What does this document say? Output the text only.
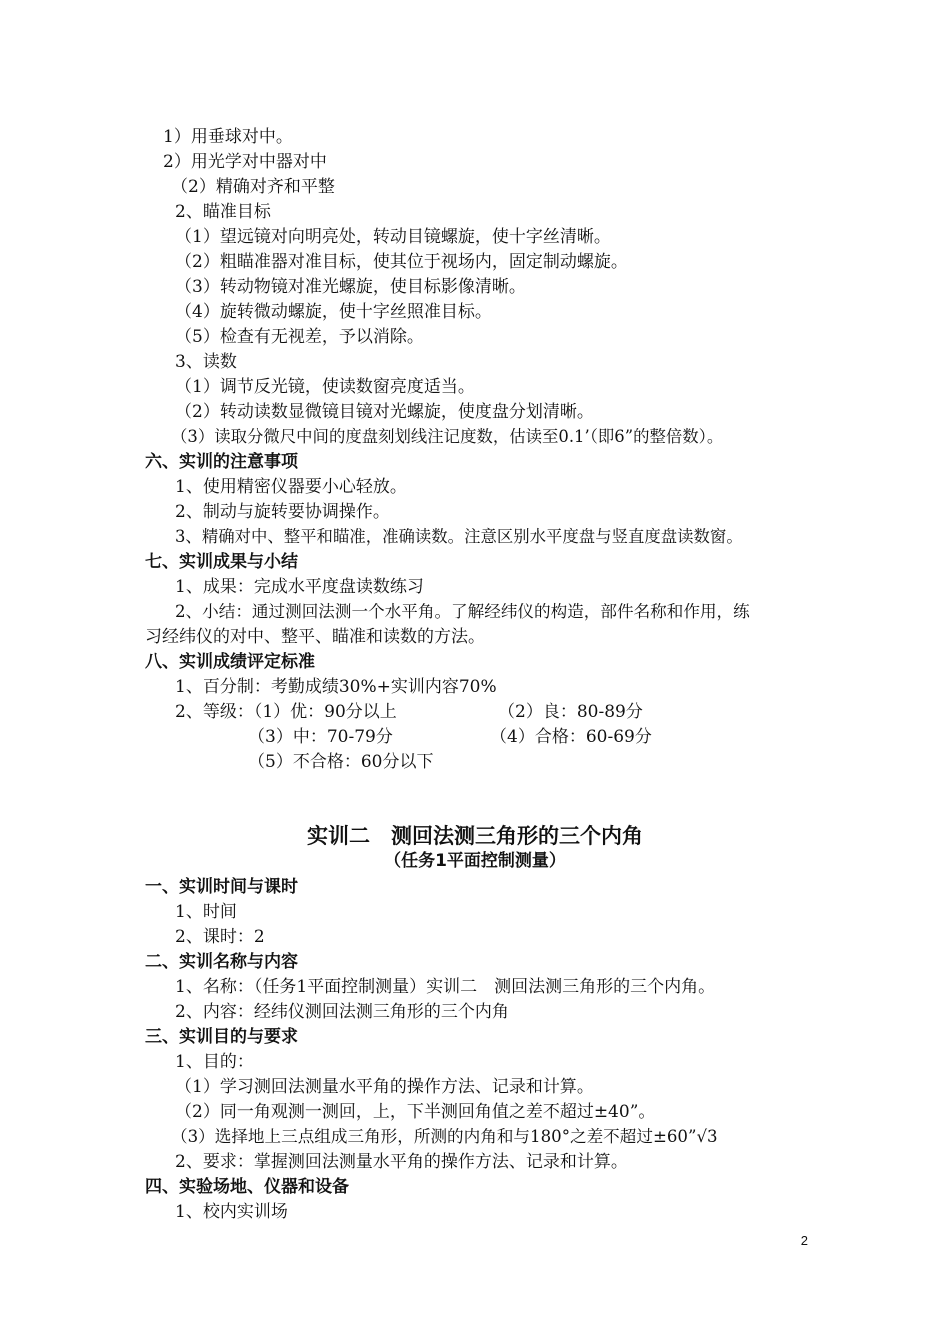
1）用垂球对中。
2）用光学对中器对中
（2）精确对齐和平整
2、瞄准目标
（1）望远镜对向明亮处，转动目镜螺旋，使十字丝清晰。
（2）粗瞄准器对准目标，使其位于视场内，固定制动螺旋。
（3）转动物镜对准光螺旋，使目标影像清晰。
（4）旋转微动螺旋，使十字丝照准目标。
（5）检查有无视差，予以消除。
3、读数
（1）调节反光镜，使读数窗亮度适当。
（2）转动读数显微镜目镜对光螺旋，使度盘分划清晰。
（3）读取分微尺中间的度盘刻划线注记度数，估读至0.1’（即6”的整倍数）。
六、实训的注意事项
1、使用精密仪器要小心轻放。
2、制动与旋转要协调操作。
3、精确对中、整平和瞄准，准确读数。注意区别水平度盘与竖直度盘读数窗。
七、实训成果与小结
1、成果：完成水平度盘读数练习
2、小结：通过测回法测一个水平角。了解经纬仪的构造，部件名称和作用，练
习经纬仪的对中、整平、瞄准和读数的方法。
八、实训成绩评定标准
1、百分制：考勤成绩30%+实训内容70%
2、等级：（1）优：90分以上	（2）良：80-89分
（3）中：70-79分	（4）合格：60-69分
（5）不合格：60分以下
实训二　测回法测三角形的三个内角
（任务1平面控制测量）
一、实训时间与课时
1、时间
2、课时：2
二、实训名称与内容
1、名称：（任务1平面控制测量）实训二　测回法测三角形的三个内角。
2、内容：经纬仪测回法测三角形的三个内角
三、实训目的与要求
1、目的：
（1）学习测回法测量水平角的操作方法、记录和计算。
（2）同一角观测一测回，上，下半测回角值之差不超过±40”。
（3）选择地上三点组成三角形，所测的内角和与180°之差不超过±60”√3
2、要求：掌握测回法测量水平角的操作方法、记录和计算。
四、实验场地、仪器和设备
1、校内实训场
2
